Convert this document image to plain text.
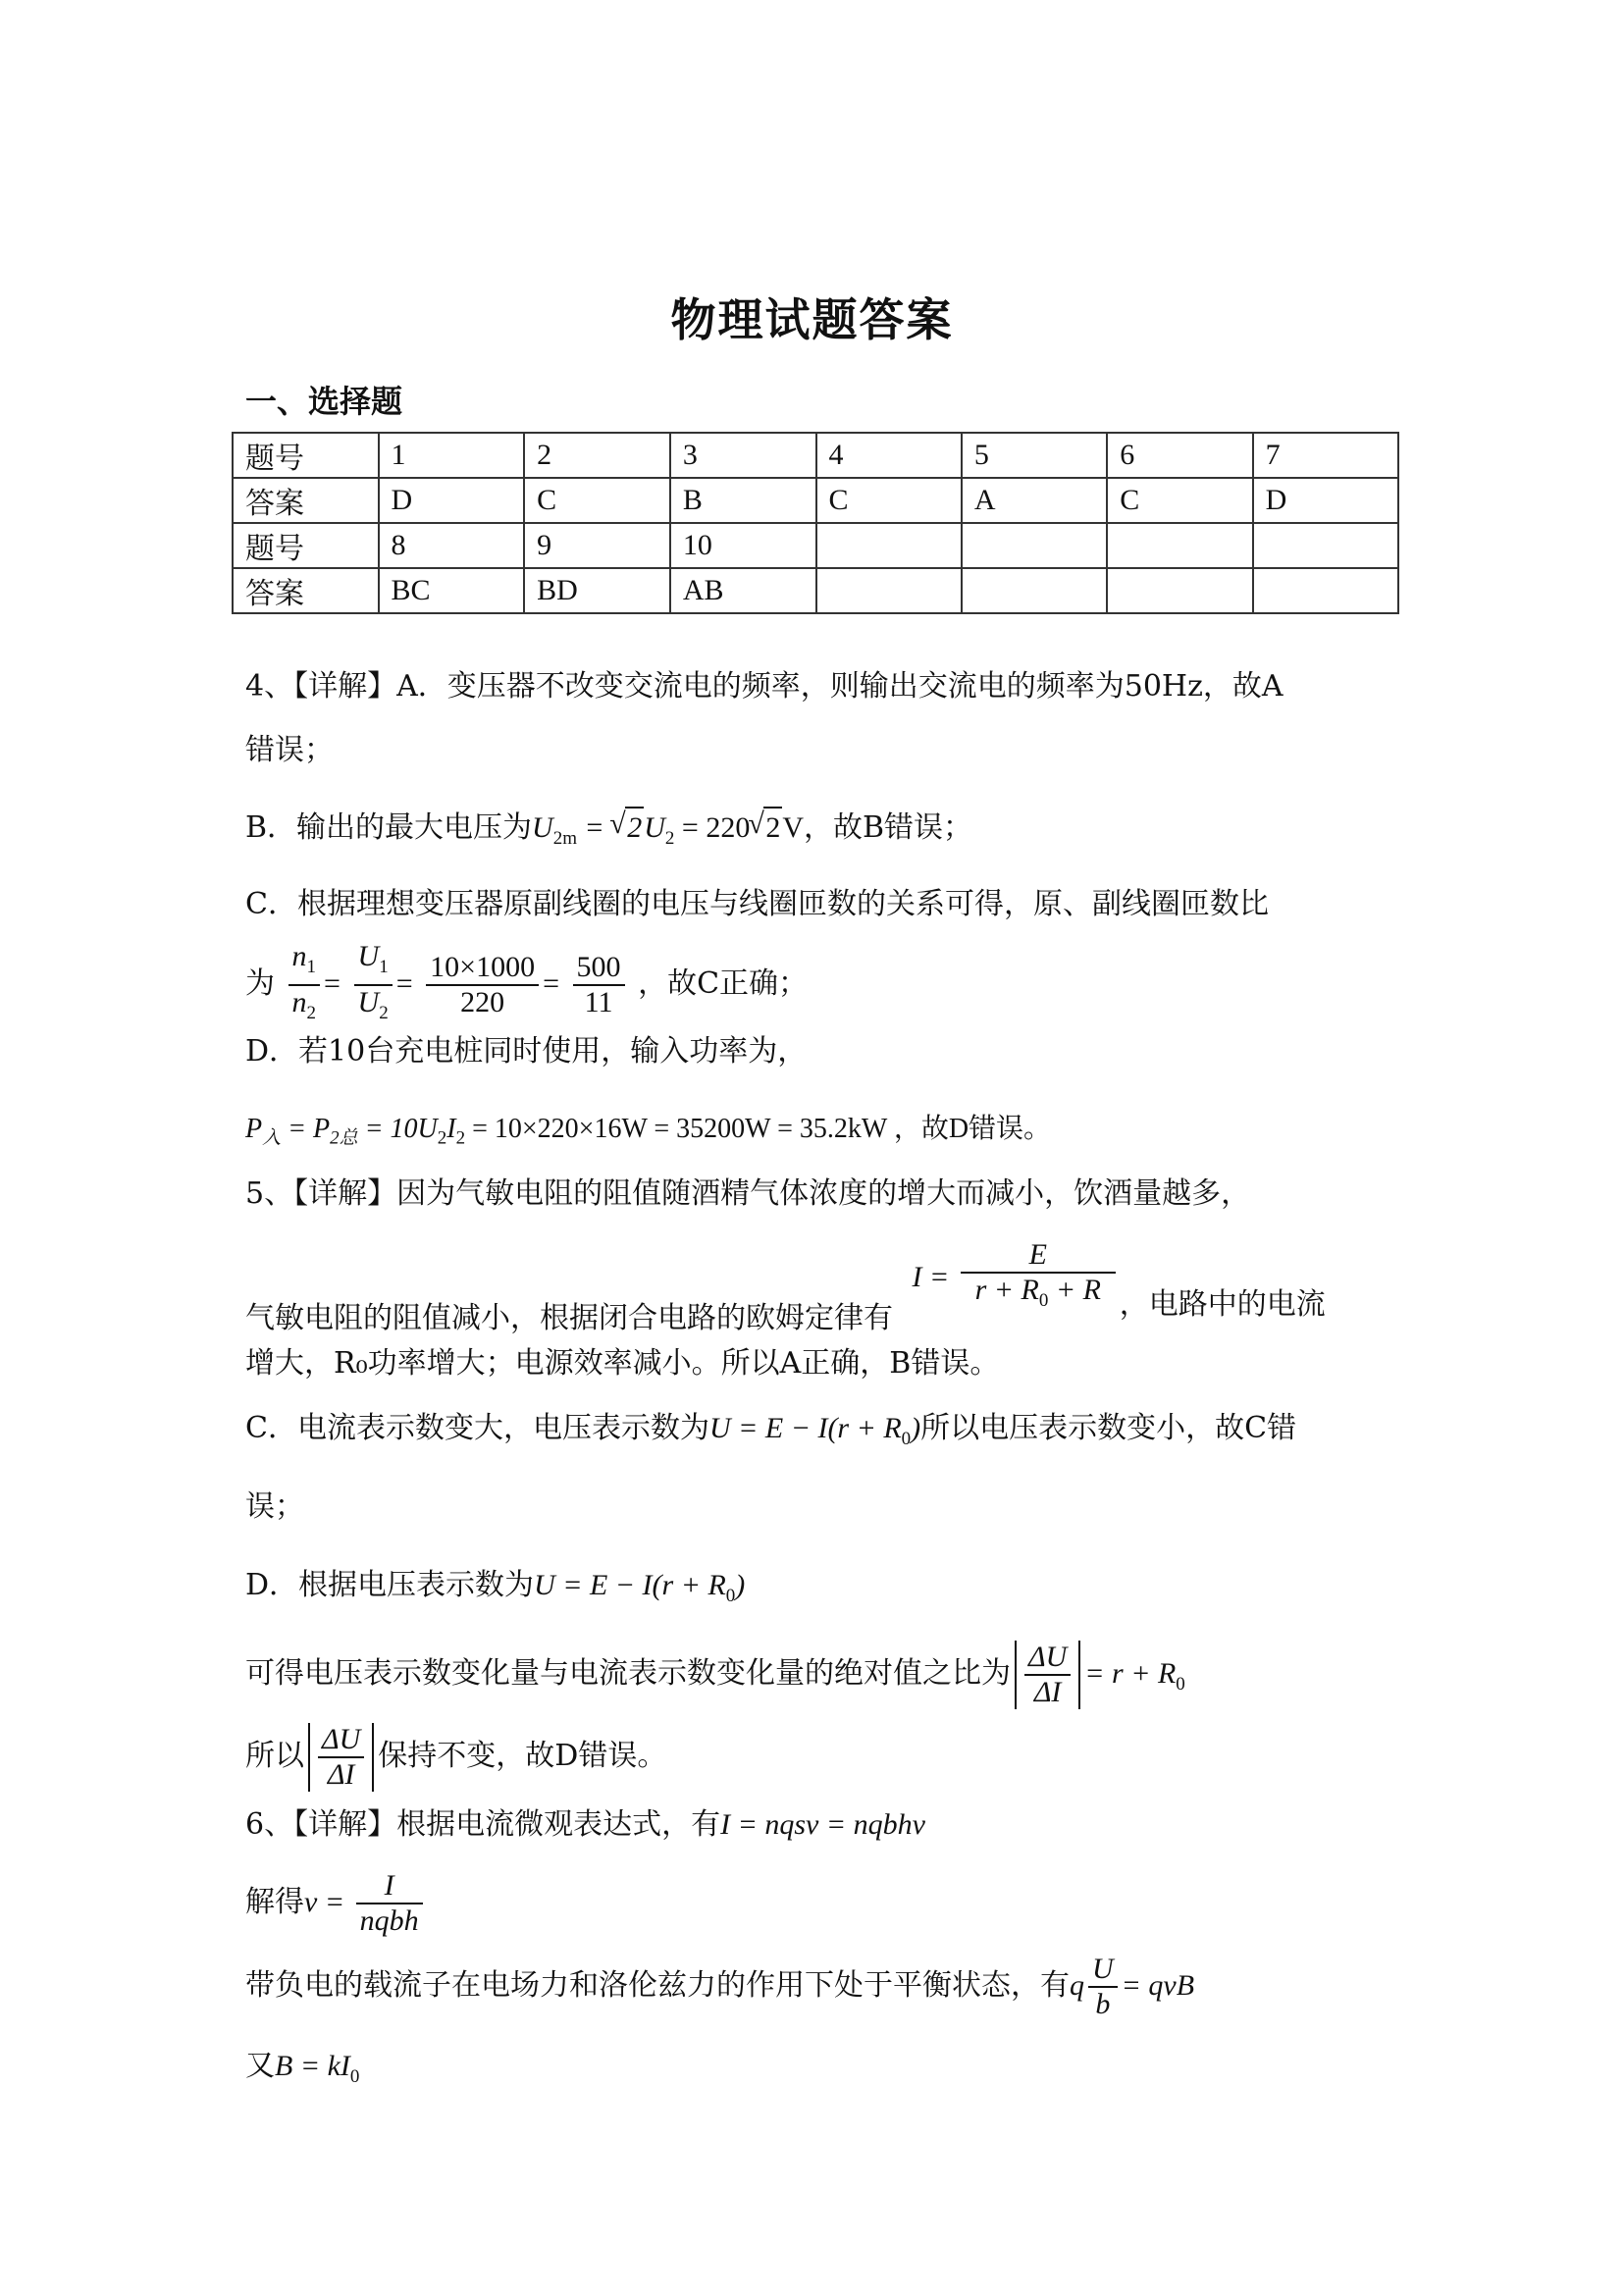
物理试题答案
一、选择题
题号	1	2	3	4	5	6	7
答案	D	C	B	C	A	C	D
题号	8	9	10				
答案	BC	BD	AB				
4、【详解】A．变压器不改变交流电的频率，则输出交流电的频率为50Hz，故A
错误；
B．输出的最大电压为$U_{2m}$ = √ $2U_2 = 220$ √ 2V，故B错误；
C．根据理想变压器原副线圈的电压与线圈匝数的关系可得，原、副线圈匝数比
为 $\frac{n_1}{n_2} = \frac{U_1}{U_2} = \frac{10\times 1000}{220} = \frac{500}{11}$ ，故C正确；
D．若10台充电桩同时使用，输入功率为，
$P_入 = P_{2总} = 10U_2I_2 = 10\times 220\times 16W = 35200W = 35.2kW$ ，故D错误。
5、【详解】因为气敏电阻的阻值随酒精气体浓度的增大而减小，饮酒量越多，
气敏电阻的阻值减小，根据闭合电路的欧姆定律有 $I = \frac{E}{r + R_0 + R}$ ，电路中的电流
增大，R₀功率增大；电源效率减小。所以A正确，B错误。
C．电流表示数变大，电压表示数为$U = E - I(r + R_0)$所以电压表示数变小，故C错
误；
D．根据电压表示数为$U = E - I(r + R_0)$
可得电压表示数变化量与电流表示数变化量的绝对值之比为 $\frac{\Delta U}{\Delta I} = r + R_0$
所以 $\frac{\Delta U}{\Delta I}$ 保持不变，故D错误。
6、【详解】根据电流微观表达式，有I = nqsv = nqbhv
解得$v = \frac{I}{\text{nqbh}}$
带负电的载流子在电场力和洛伦兹力的作用下处于平衡状态，有q $\frac{U}{b}$ = qvB
又$B = kI_0$
